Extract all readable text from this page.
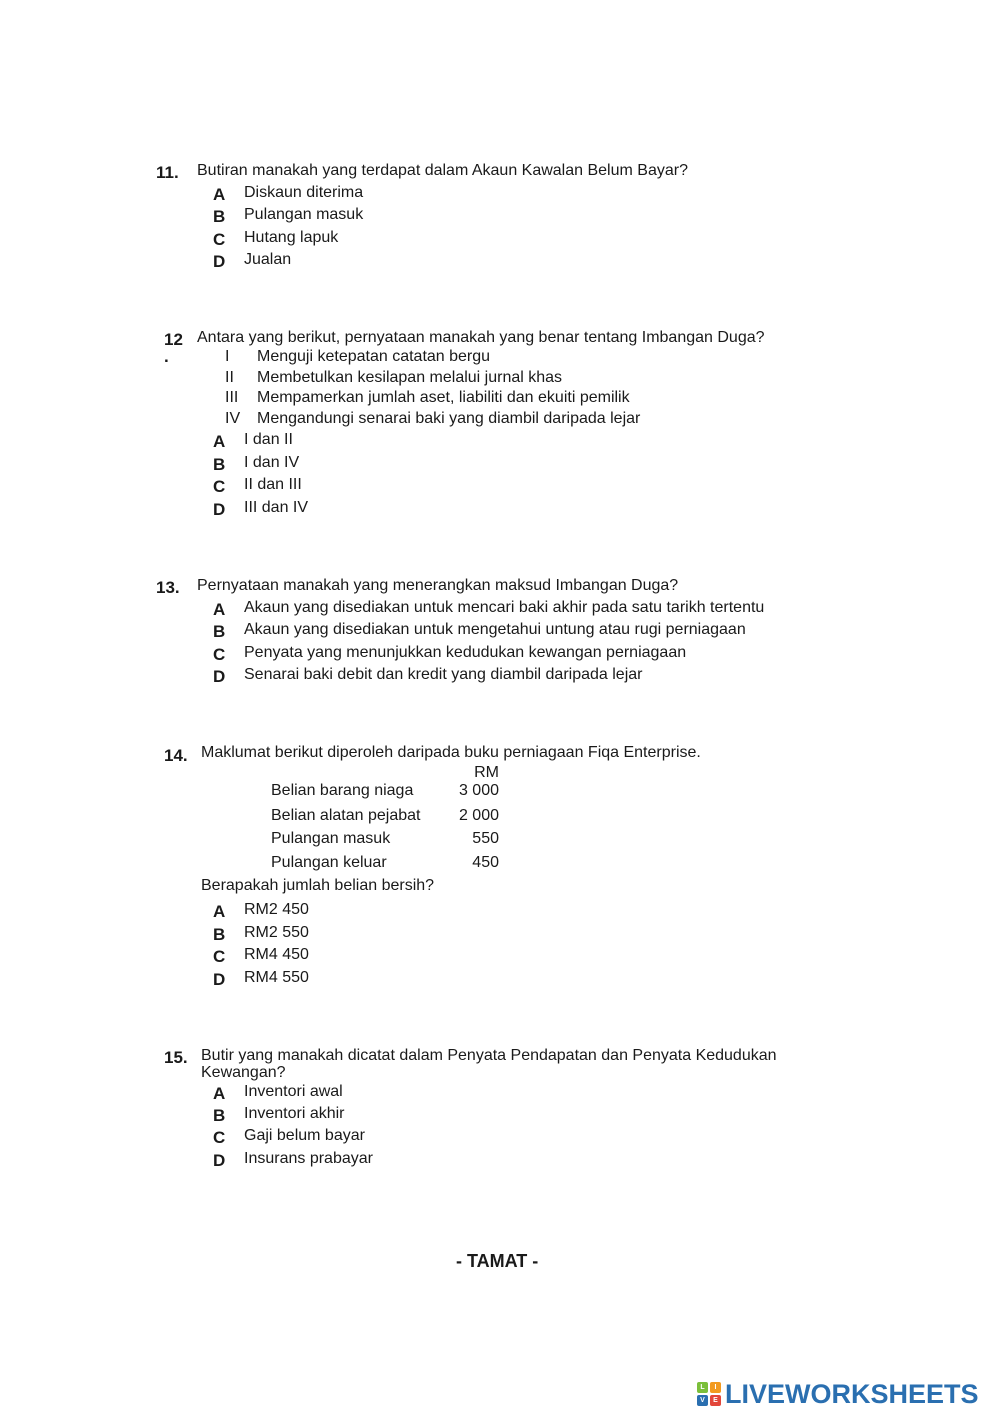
11. Butiran manakah yang terdapat dalam Akaun Kawalan Belum Bayar?
A Diskaun diterima
B Pulangan masuk
C Hutang lapuk
D Jualan
12
.
Antara yang berikut, pernyataan manakah yang benar tentang Imbangan Duga?
I Menguji ketepatan catatan bergu
II Membetulkan kesilapan melalui jurnal khas
III Mempamerkan jumlah aset, liabiliti dan ekuiti pemilik
IV Mengandungi senarai baki yang diambil daripada lejar
A I dan II
B I dan IV
C II dan III
D III dan IV
13. Pernyataan manakah yang menerangkan maksud Imbangan Duga?
A Akaun yang disediakan untuk mencari baki akhir pada satu tarikh tertentu
B Akaun yang disediakan untuk mengetahui untung atau rugi perniagaan
C Penyata yang menunjukkan kedudukan kewangan perniagaan
D Senarai baki debit dan kredit yang diambil daripada lejar
14. Maklumat berikut diperoleh daripada buku perniagaan Fiqa Enterprise.
RM
Belian barang niaga	3 000
Belian alatan pejabat	2 000
Pulangan masuk	550
Pulangan keluar	450
Berapakah jumlah belian bersih?
A RM2 450
B RM2 550
C RM4 450
D RM4 550
15. Butir yang manakah dicatat dalam Penyata Pendapatan dan Penyata Kedudukan
Kewangan?
A Inventori awal
B Inventori akhir
C Gaji belum bayar
D Insurans prabayar
- TAMAT -
L	I
V	E LIVEWORKSHEETS
